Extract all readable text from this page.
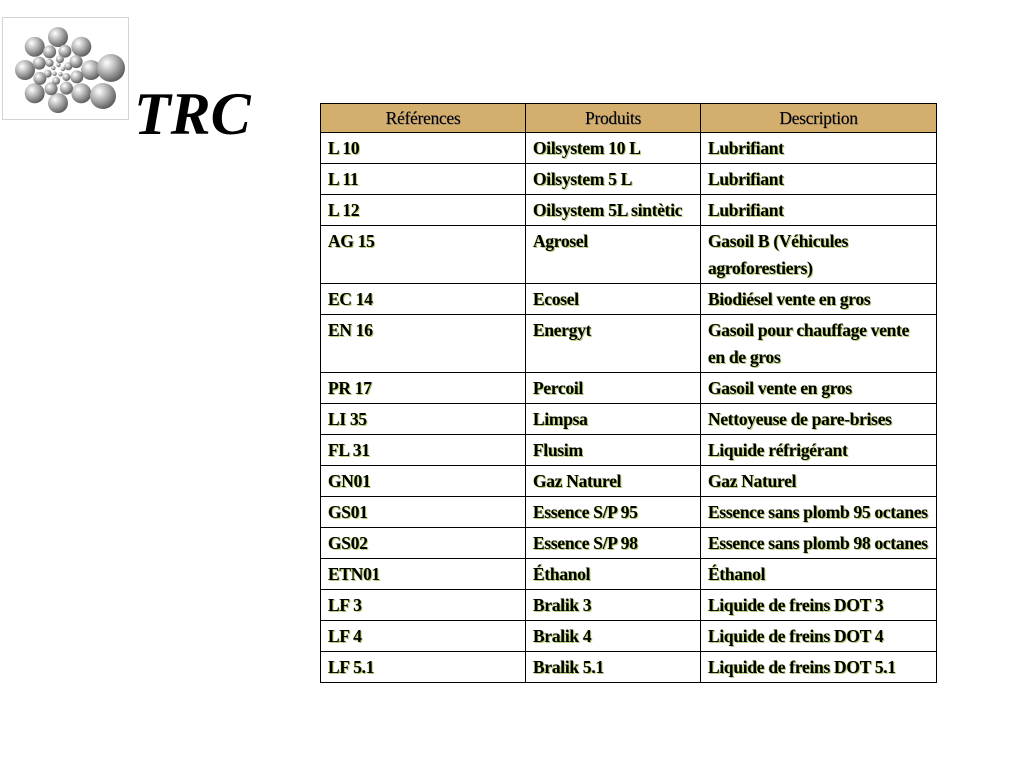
TRC	Références	Produits	Description
L 10	Oilsystem 10 L	Lubrifiant
L 11	Oilsystem 5 L	Lubrifiant
L 12	Oilsystem 5L sintètic	Lubrifiant
AG 15	Agrosel	Gasoil B (Véhicules agroforestiers)
EC 14	Ecosel	Biodiésel vente en gros
EN 16	Energyt	Gasoil pour chauffage vente en de gros
PR 17	Percoil	Gasoil vente en gros
LI 35	Limpsa	Nettoyeuse de pare-brises
FL 31	Flusim	Liquide réfrigérant
GN01	Gaz Naturel	Gaz Naturel
GS01	Essence S/P 95	Essence sans plomb 95 octanes
GS02	Essence S/P 98	Essence sans plomb 98 octanes
ETN01	Éthanol	Éthanol
LF 3	Bralik 3	Liquide de freins DOT 3
LF 4	Bralik 4	Liquide de freins DOT 4
LF 5.1	Bralik 5.1	Liquide de freins DOT 5.1
